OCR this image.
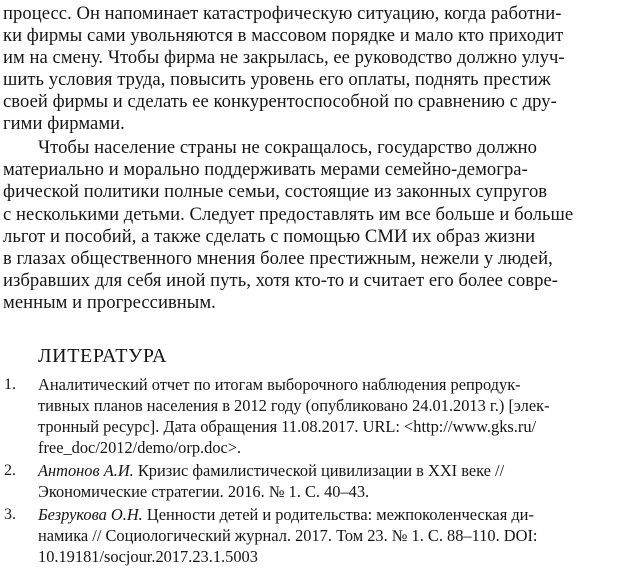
процесс. Он напоминает катастрофическую ситуацию, когда работни-
ки фирмы сами увольняются в массовом порядке и мало кто приходит
им на смену. Чтобы фирма не закрылась, ее руководство должно улуч-
шить условия труда, повысить уровень его оплаты, поднять престиж
своей фирмы и сделать ее конкурентоспособной по сравнению с дру-
гими фирмами.
Чтобы население страны не сокращалось, государство должно
материально и морально поддерживать мерами семейно-демогра-
фической политики полные семьи, состоящие из законных супругов
с несколькими детьми. Следует предоставлять им все больше и больше
льгот и пособий, а также сделать с помощью СМИ их образ жизни
в глазах общественного мнения более престижным, нежели у людей,
избравших для себя иной путь, хотя кто-то и считает его более совре-
менным и прогрессивным.
ЛИТЕРАТУРА
1. Аналитический отчет по итогам выборочного наблюдения репродук-
тивных планов населения в 2012 году (опубликовано 24.01.2013 г.) [элек-
тронный ресурс]. Дата обращения 11.08.2017. URL: <http://www.gks.ru/
free_doc/2012/demo/orp.doc>.
2. Антонов А.И. Кризис фамилистической цивилизации в XXI веке //
Экономические стратегии. 2016. № 1. С. 40–43.
3. Безрукова О.Н. Ценности детей и родительства: межпоколенческая ди-
намика // Социологический журнал. 2017. Том 23. № 1. С. 88–110. DOI:
10.19181/socjour.2017.23.1.5003
